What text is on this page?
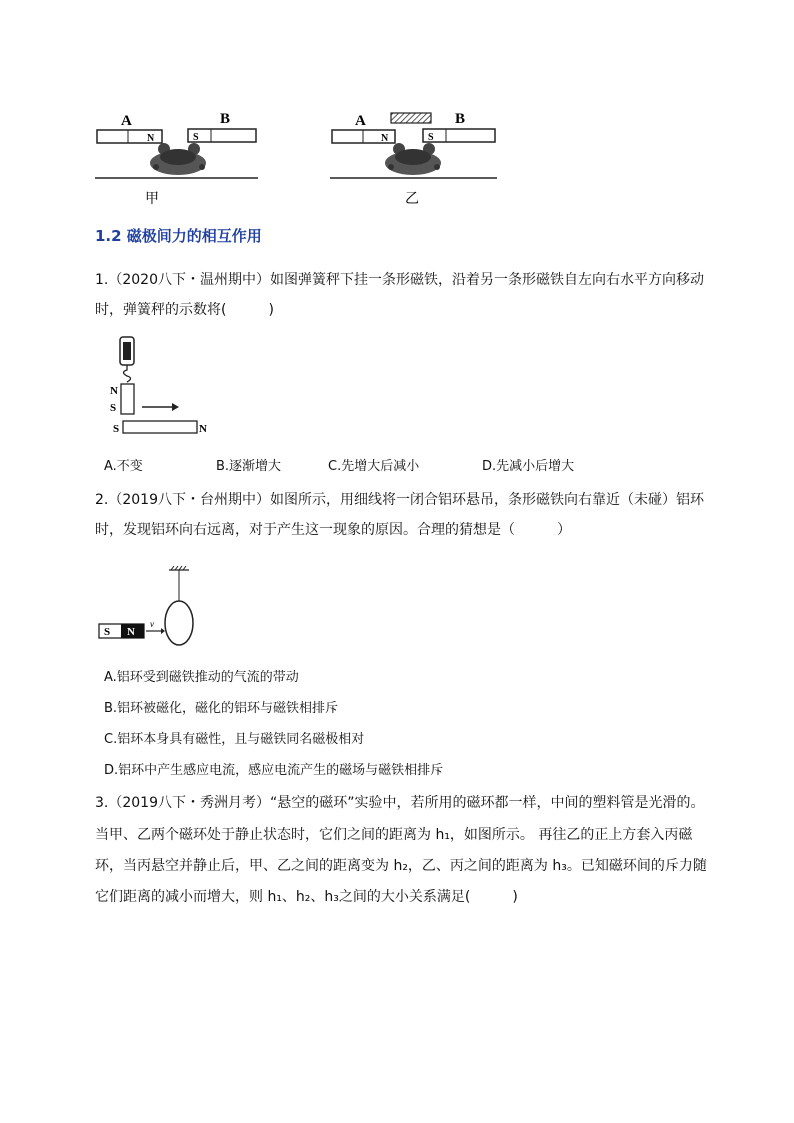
A	B
N	S
甲
A	B
N	S
乙
1.2 磁极间力的相互作用
1.（2020八下・温州期中）如图弹簧秤下挂一条形磁铁，沿着另一条形磁铁自左向右水平方向移动
时，弹簧秤的示数将(　　　)
N
S
S	N
A.不变	B.逐渐增大	C.先增大后减小	D.先减小后增大
2.（2019八下・台州期中）如图所示，用细线将一闭合铝环悬吊，条形磁铁向右靠近（未碰）铝环
时，发现铝环向右远离，对于产生这一现象的原因。合理的猜想是（　　　）
S N
v
A.铝环受到磁铁推动的气流的带动
B.铝环被磁化，磁化的铝环与磁铁相排斥
C.铝环本身具有磁性，且与磁铁同名磁极相对
D.铝环中产生感应电流，感应电流产生的磁场与磁铁相排斥
3.（2019八下・秀洲月考）“悬空的磁环”实验中，若所用的磁环都一样，中间的塑料管是光滑的。
当甲、乙两个磁环处于静止状态时，它们之间的距离为 h₁，如图所示。 再往乙的正上方套入丙磁
环，当丙悬空并静止后，甲、乙之间的距离变为 h₂，乙、丙之间的距离为 h₃。已知磁环间的斥力随
它们距离的减小而增大，则 h₁、h₂、h₃之间的大小关系满足(　　　)
